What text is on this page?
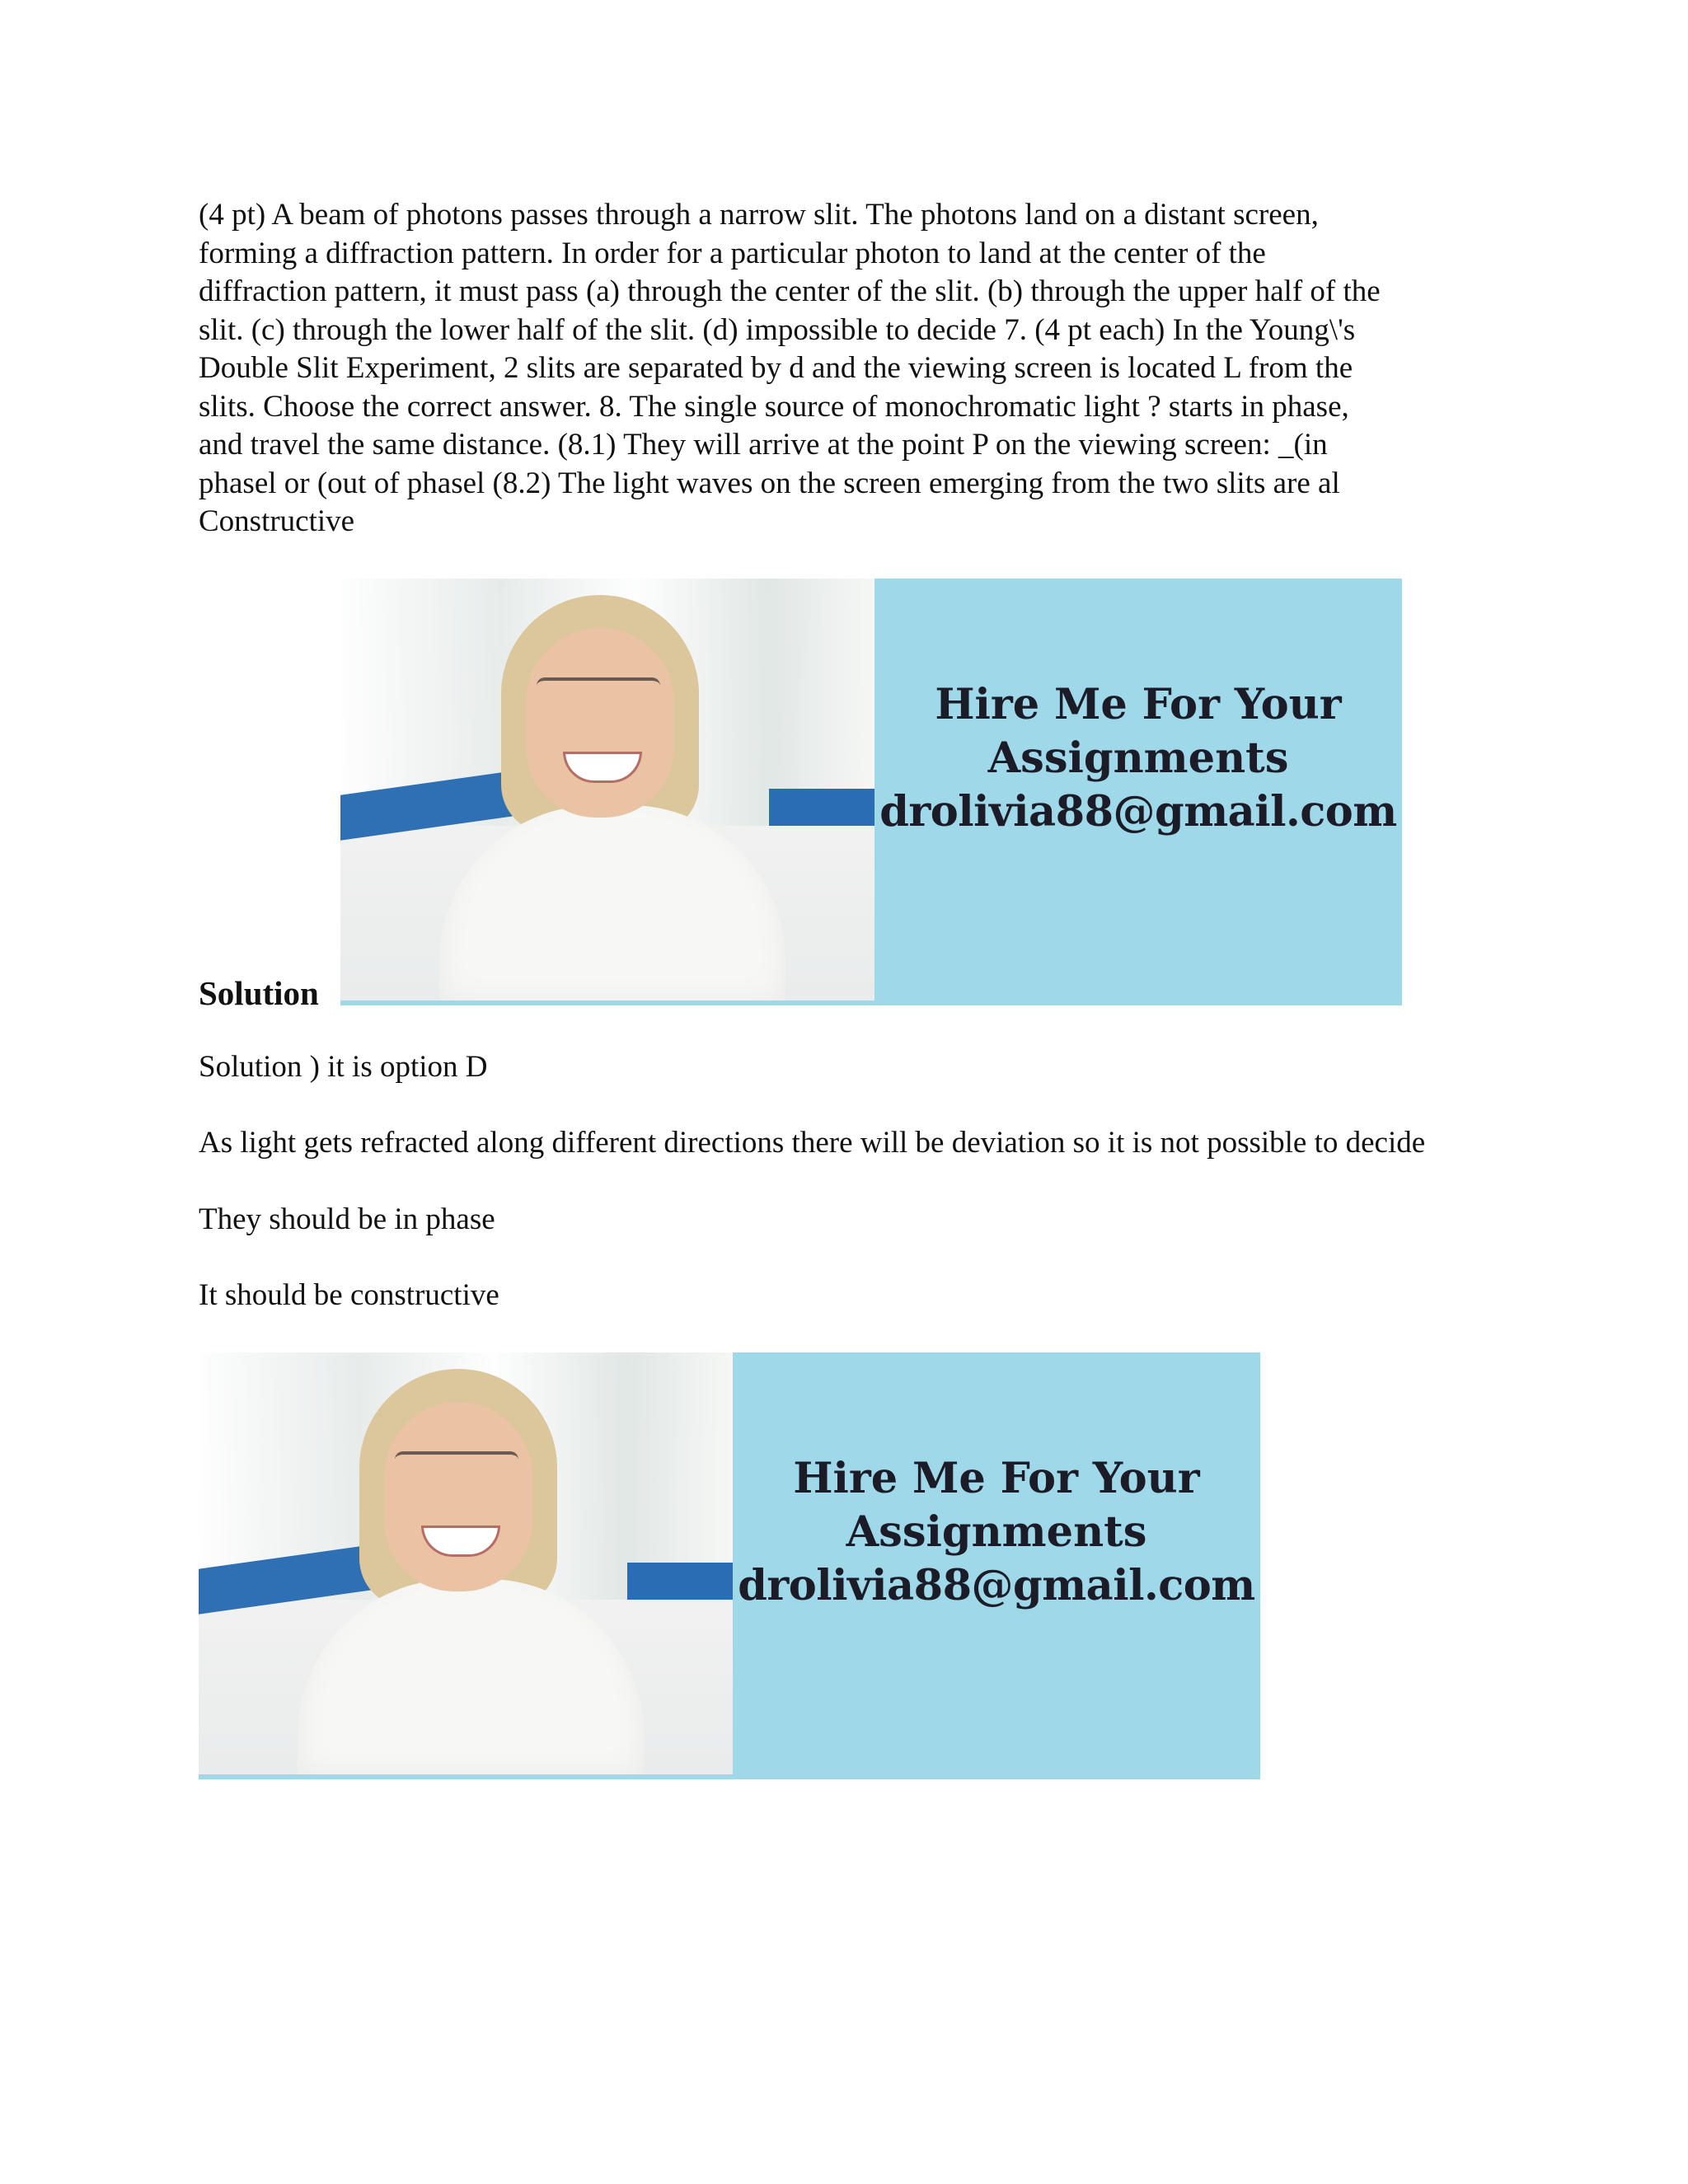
(4 pt) A beam of photons passes through a narrow slit. The photons land on a distant screen,
forming a diffraction pattern. In order for a particular photon to land at the center of the
diffraction pattern, it must pass (a) through the center of the slit. (b) through the upper half of the
slit. (c) through the lower half of the slit. (d) impossible to decide 7. (4 pt each) In the Young\'s
Double Slit Experiment, 2 slits are separated by d and the viewing screen is located L from the
slits. Choose the correct answer. 8. The single source of monochromatic light ? starts in phase,
and travel the same distance. (8.1) They will arrive at the point P on the viewing screen: _(in
phasel or (out of phasel (8.2) The light waves on the screen emerging from the two slits are al
Constructive

Solution
Hire Me For Your
Assignments
drolivia88@gmail.com

Solution ) it is option D

As light gets refracted along different directions there will be deviation so it is not possible to decide

They should be in phase

It should be constructive

Hire Me For Your
Assignments
drolivia88@gmail.com
